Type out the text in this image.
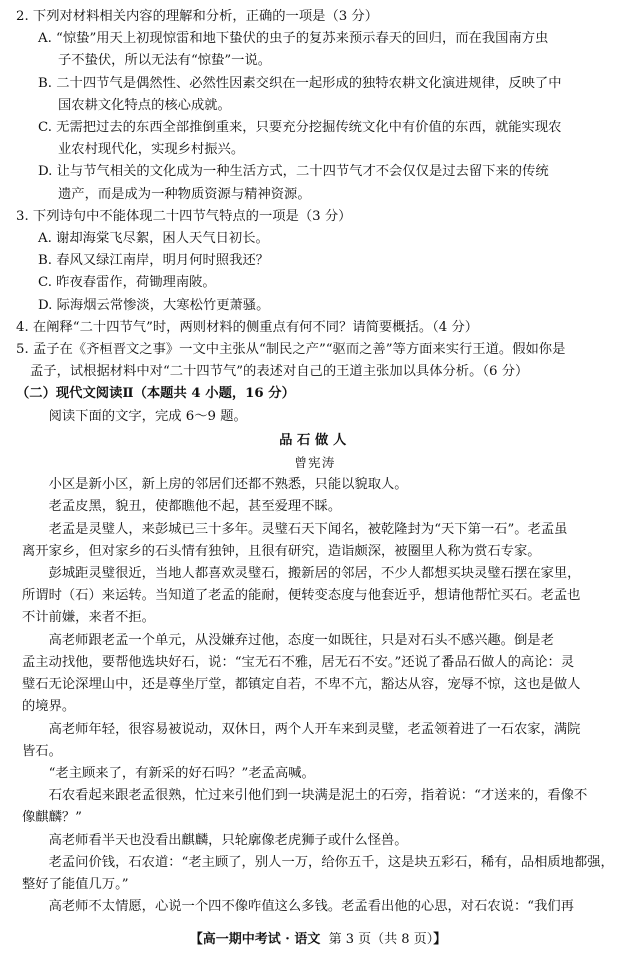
2. 下列对材料相关内容的理解和分析，正确的一项是（3 分）

A. “惊蛰”用天上初现惊雷和地下蛰伏的虫子的复苏来预示春天的回归，而在我国南方虫

子不蛰伏，所以无法有“惊蛰”一说。

B. 二十四节气是偶然性、必然性因素交织在一起形成的独特农耕文化演进规律，反映了中

国农耕文化特点的核心成就。

C. 无需把过去的东西全部推倒重来，只要充分挖掘传统文化中有价值的东西，就能实现农

业农村现代化，实现乡村振兴。

D. 让与节气相关的文化成为一种生活方式，二十四节气才不会仅仅是过去留下来的传统

遗产，而是成为一种物质资源与精神资源。

3. 下列诗句中不能体现二十四节气特点的一项是（3 分）

A. 谢却海棠飞尽絮，困人天气日初长。

B. 春风又绿江南岸，明月何时照我还？

C. 昨夜春雷作，荷锄理南陂。

D. 际海烟云常惨淡，大寒松竹更萧骚。

4. 在阐释“二十四节气”时，两则材料的侧重点有何不同？请简要概括。（4 分）

5. 孟子在《齐桓晋文之事》一文中主张从“制民之产”“驱而之善”等方面来实行王道。假如你是

孟子，试根据材料中对“二十四节气”的表述对自己的王道主张加以具体分析。（6 分）

（二）现代文阅读Ⅱ（本题共 4 小题，16 分）

阅读下面的文字，完成 6～9 题。

品石做人

曾宪涛

小区是新小区，新上房的邻居们还都不熟悉，只能以貌取人。

老孟皮黑，貌丑，使都瞧他不起，甚至爱理不睬。

老孟是灵璧人，来彭城已三十多年。灵璧石天下闻名，被乾隆封为“天下第一石”。老孟虽

离开家乡，但对家乡的石头情有独钟，且很有研究，造诣颇深，被圈里人称为赏石专家。

彭城距灵璧很近，当地人都喜欢灵璧石，搬新居的邻居，不少人都想买块灵璧石摆在家里，

所谓时（石）来运转。当知道了老孟的能耐，便转变态度与他套近乎，想请他帮忙买石。老孟也

不计前嫌，来者不拒。

高老师跟老孟一个单元，从没嫌弃过他，态度一如既往，只是对石头不感兴趣。倒是老

孟主动找他，要帮他选块好石，说：“宝无石不雅，居无石不安。”还说了番品石做人的高论：灵

璧石无论深埋山中，还是尊坐厅堂，都镇定自若，不卑不亢，豁达从容，宠辱不惊，这也是做人

的境界。

高老师年轻，很容易被说动，双休日，两个人开车来到灵璧，老孟领着进了一石农家，满院

皆石。

“老主顾来了，有新采的好石吗？”老孟高喊。

石农看起来跟老孟很熟，忙过来引他们到一块满是泥土的石旁，指着说：“才送来的，看像不

像麒麟？”

高老师看半天也没看出麒麟，只轮廓像老虎狮子或什么怪兽。

老孟问价钱，石农道：“老主顾了，别人一万，给你五千，这是块五彩石，稀有，品相质地都强，

整好了能值几万。”

高老师不太情愿，心说一个四不像咋值这么多钱。老孟看出他的心思，对石农说：“我们再

【高一期中考试 · 语文 第 3 页（共 8 页）】
